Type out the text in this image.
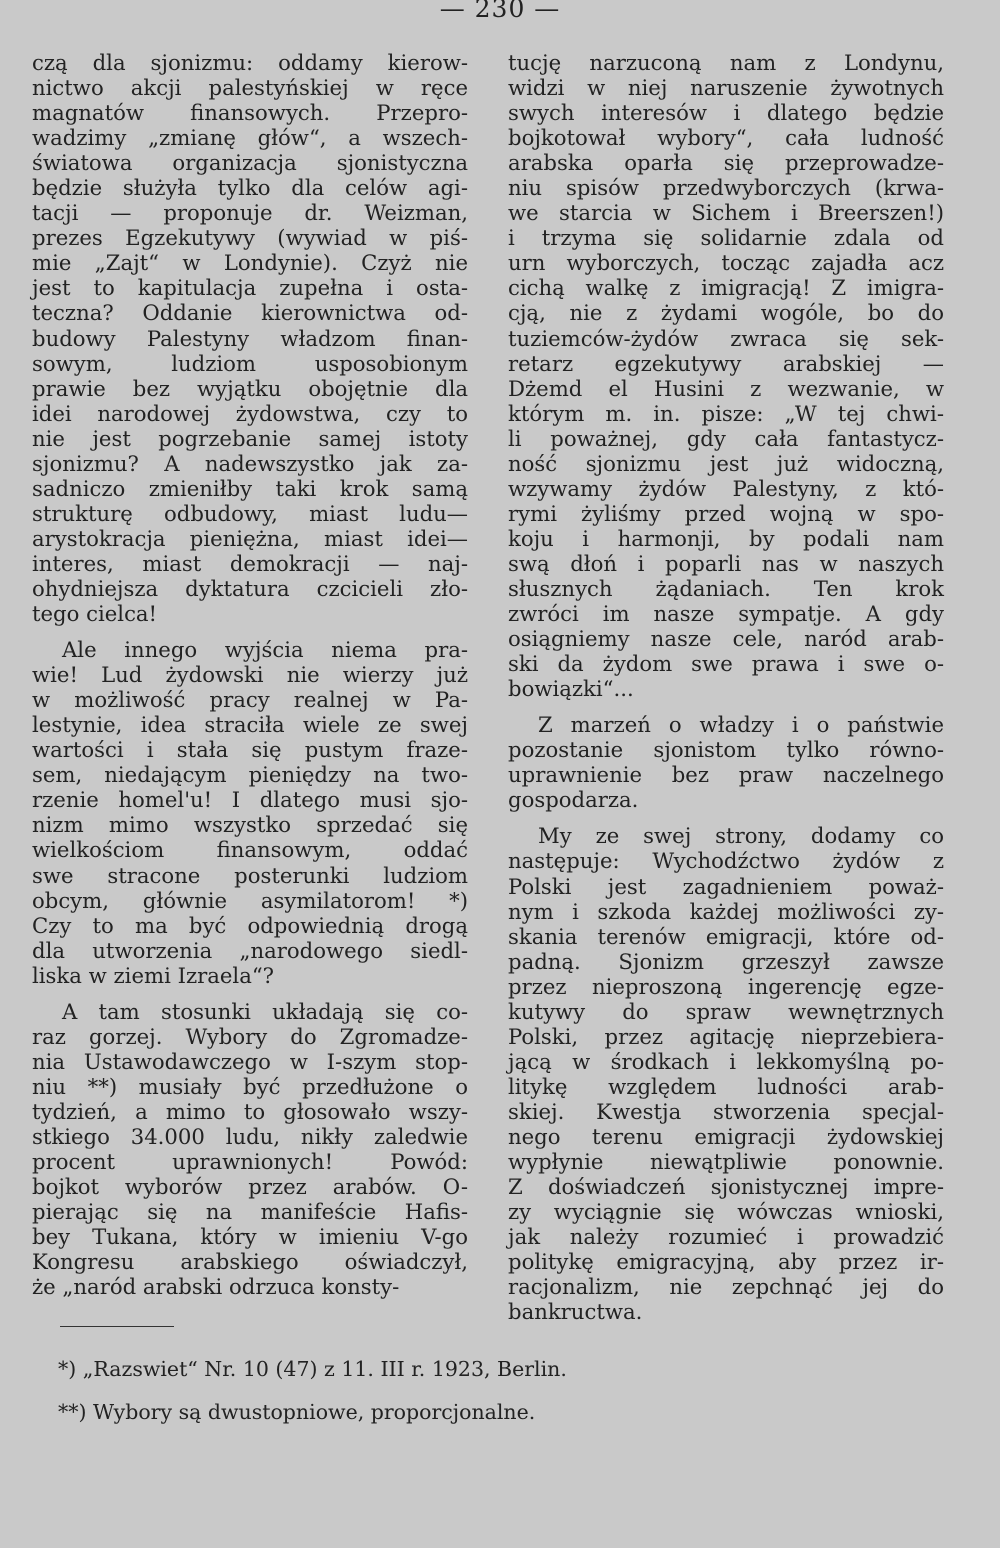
— 230 —
czą dla sjonizmu: oddamy kierow-
nictwo akcji palestyńskiej w ręce
magnatów finansowych. Przepro-
wadzimy „zmianę głów“, a wszech-
światowa organizacja sjonistyczna
będzie służyła tylko dla celów agi-
tacji — proponuje dr. Weizman,
prezes Egzekutywy (wywiad w piś-
mie „Zajt“ w Londynie). Czyż nie
jest to kapitulacja zupełna i osta-
teczna? Oddanie kierownictwa od-
budowy Palestyny władzom finan-
sowym, ludziom usposobionym
prawie bez wyjątku obojętnie dla
idei narodowej żydowstwa, czy to
nie jest pogrzebanie samej istoty
sjonizmu? A nadewszystko jak za-
sadniczo zmieniłby taki krok samą
strukturę odbudowy, miast ludu—
arystokracja pieniężna, miast idei—
interes, miast demokracji — naj-
ohydniejsza dyktatura czcicieli zło-
tego cielca!
Ale innego wyjścia niema pra-
wie! Lud żydowski nie wierzy już
w możliwość pracy realnej w Pa-
lestynie, idea straciła wiele ze swej
wartości i stała się pustym fraze-
sem, niedającym pieniędzy na two-
rzenie homel'u! I dlatego musi sjo-
nizm mimo wszystko sprzedać się
wielkościom finansowym, oddać
swe stracone posterunki ludziom
obcym, głównie asymilatorom! *)
Czy to ma być odpowiednią drogą
dla utworzenia „narodowego siedl-
liska w ziemi Izraela“?
A tam stosunki układają się co-
raz gorzej. Wybory do Zgromadze-
nia Ustawodawczego w I-szym stop-
niu **) musiały być przedłużone o
tydzień, a mimo to głosowało wszy-
stkiego 34.000 ludu, nikły zaledwie
procent uprawnionych! Powód:
bojkot wyborów przez arabów. O-
pierając się na manifeście Hafis-
bey Tukana, który w imieniu V-go
Kongresu arabskiego oświadczył,
że „naród arabski odrzuca konsty-
tucję narzuconą nam z Londynu,
widzi w niej naruszenie żywotnych
swych interesów i dlatego będzie
bojkotował wybory“, cała ludność
arabska oparła się przeprowadze-
niu spisów przedwyborczych (krwa-
we starcia w Sichem i Breerszen!)
i trzyma się solidarnie zdala od
urn wyborczych, tocząc zajadła acz
cichą walkę z imigracją! Z imigra-
cją, nie z żydami wogóle, bo do
tuziemców-żydów zwraca się sek-
retarz egzekutywy arabskiej —
Dżemd el Husini z wezwanie, w
którym m. in. pisze: „W tej chwi-
li poważnej, gdy cała fantastycz-
ność sjonizmu jest już widoczną,
wzywamy żydów Palestyny, z któ-
rymi żyliśmy przed wojną w spo-
koju i harmonji, by podali nam
swą dłoń i poparli nas w naszych
słusznych żądaniach. Ten krok
zwróci im nasze sympatje. A gdy
osiągniemy nasze cele, naród arab-
ski da żydom swe prawa i swe o-
bowiązki“...
Z marzeń o władzy i o państwie
pozostanie sjonistom tylko równo-
uprawnienie bez praw naczelnego
gospodarza.
My ze swej strony, dodamy co
następuje: Wychodźctwo żydów z
Polski jest zagadnieniem poważ-
nym i szkoda każdej możliwości zy-
skania terenów emigracji, które od-
padną. Sjonizm grzeszył zawsze
przez nieproszoną ingerencję egze-
kutywy do spraw wewnętrznych
Polski, przez agitację nieprzebiera-
jącą w środkach i lekkomyślną po-
litykę względem ludności arab-
skiej. Kwestja stworzenia specjal-
nego terenu emigracji żydowskiej
wypłynie niewątpliwie ponownie.
Z doświadczeń sjonistycznej impre-
zy wyciągnie się wówczas wnioski,
jak należy rozumieć i prowadzić
politykę emigracyjną, aby przez ir-
racjonalizm, nie zepchnąć jej do
bankructwa.
*) „Razswiet“ Nr. 10 (47) z 11. III r. 1923, Berlin.
**) Wybory są dwustopniowe, proporcjonalne.
